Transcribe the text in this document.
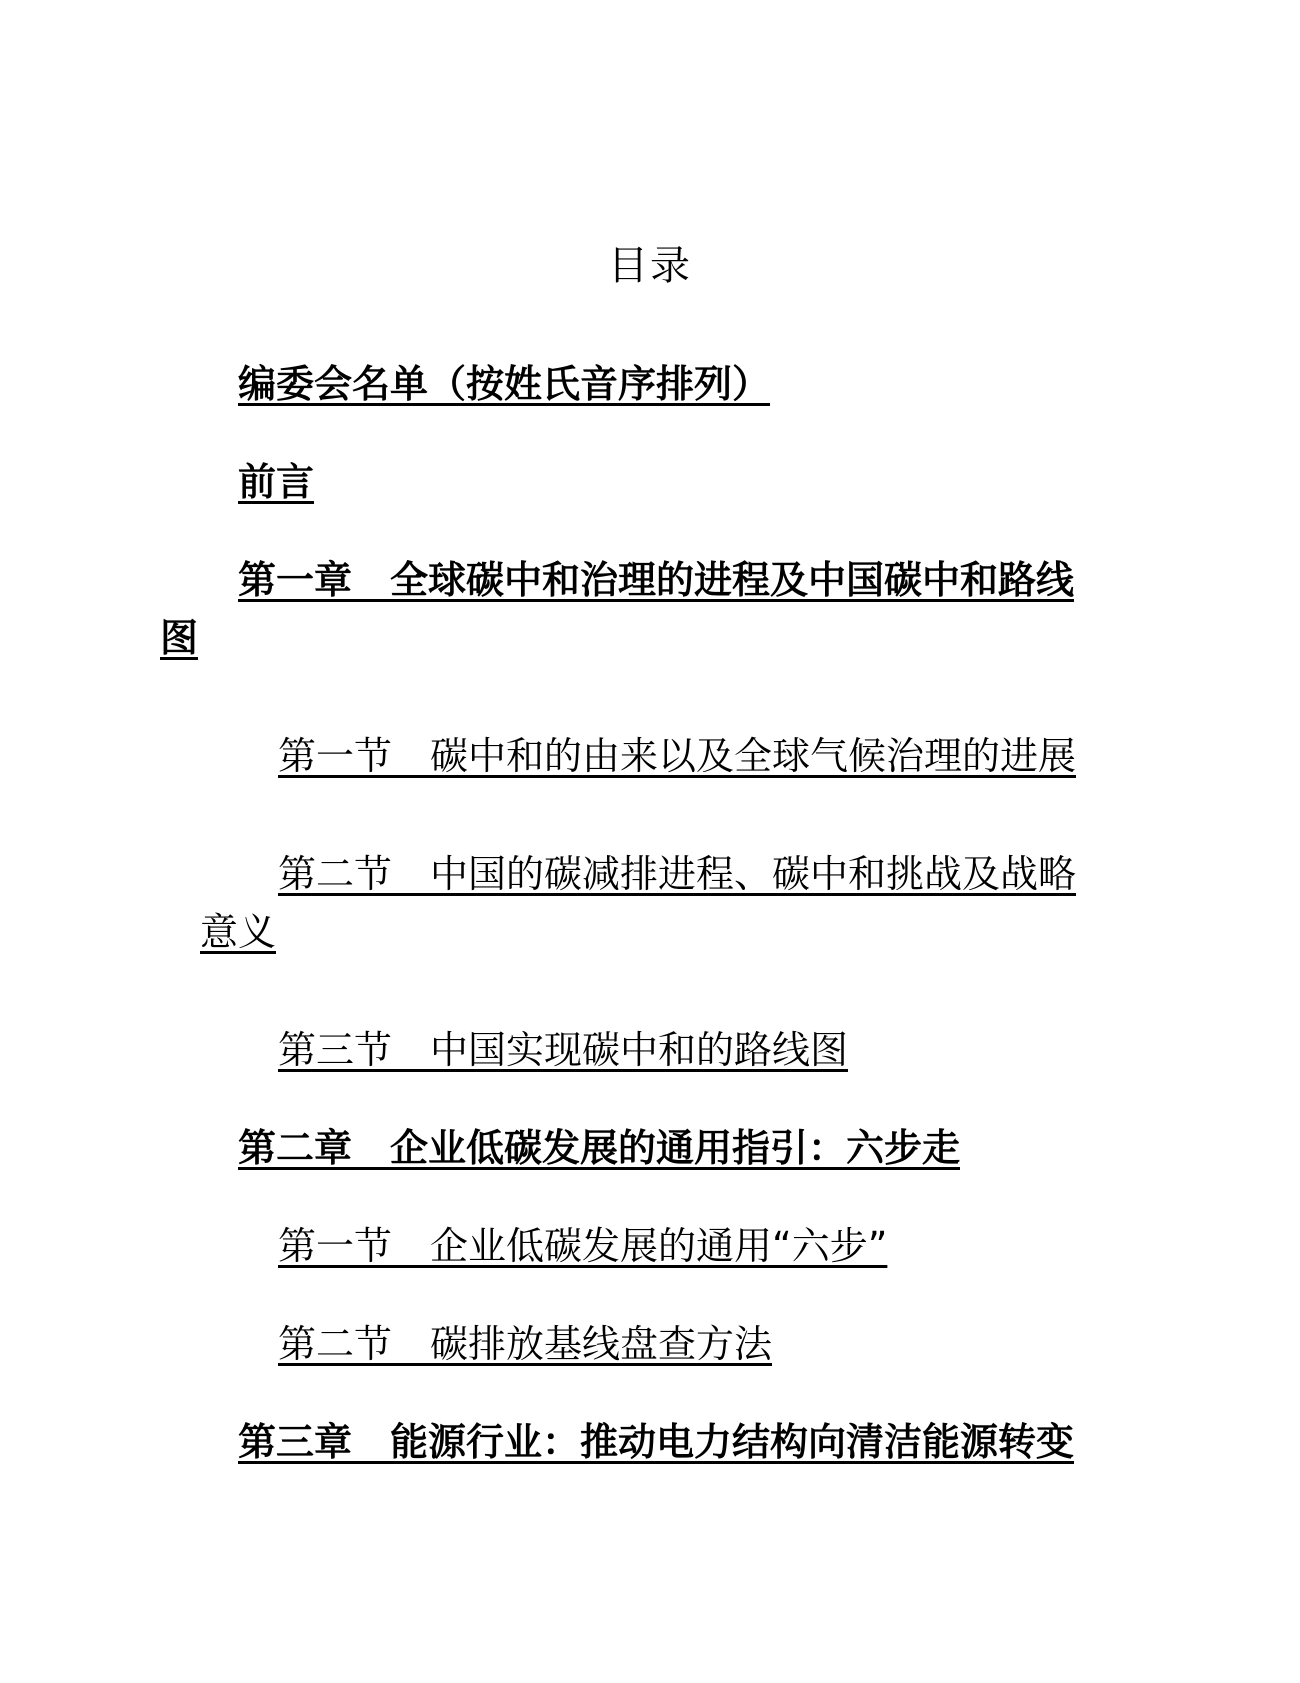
目录
编委会名单（按姓氏音序排列）
前言
第一章　全球碳中和治理的进程及中国碳中和路线图
第一节　碳中和的由来以及全球气候治理的进展
第二节　中国的碳减排进程、碳中和挑战及战略意义
第三节　中国实现碳中和的路线图
第二章　企业低碳发展的通用指引：六步走
第一节　企业低碳发展的通用“六步”
第二节　碳排放基线盘查方法
第三章　能源行业：推动电力结构向清洁能源转变
